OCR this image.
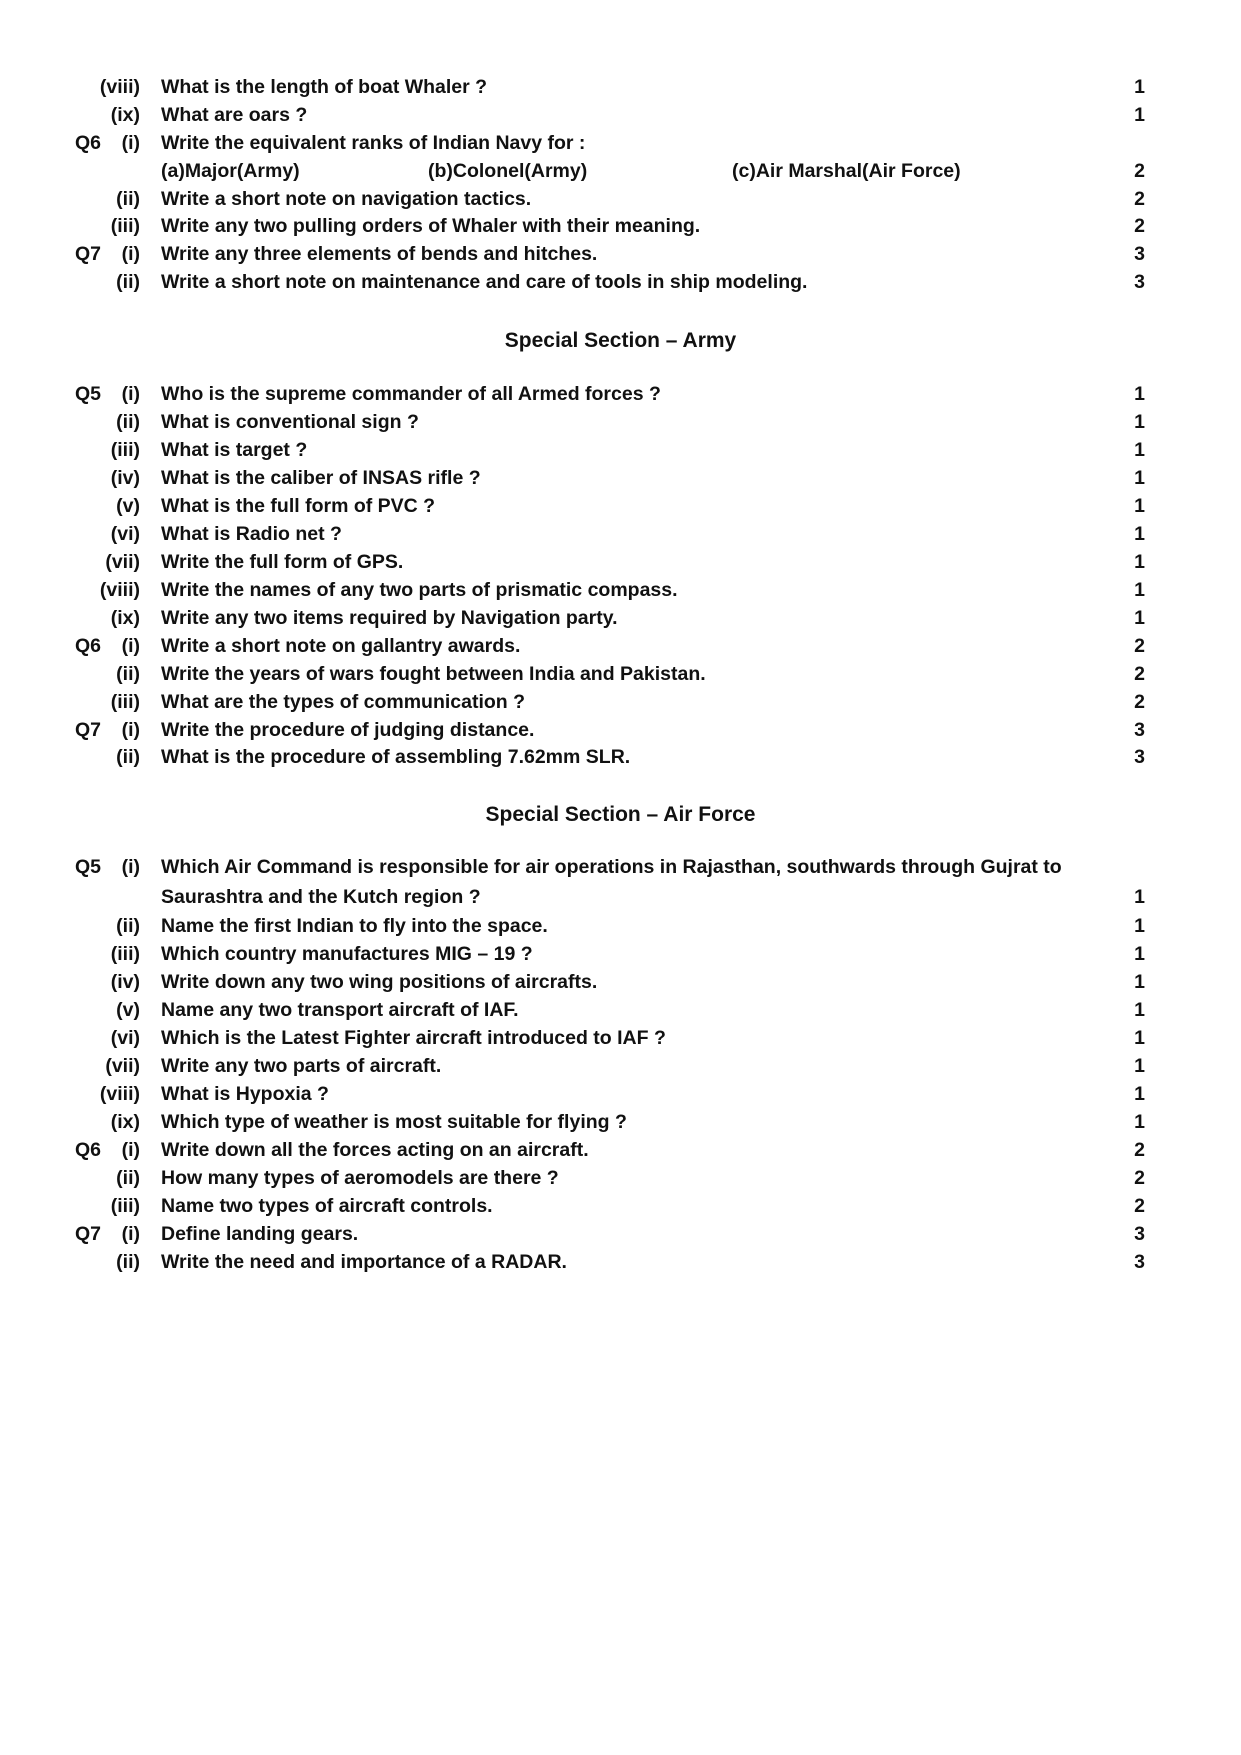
(viii) What is the length of boat Whaler ?	1
(ix) What are oars ?	1
Q6	(i) Write the equivalent ranks of Indian Navy for :
(a)Major(Army)	(b)Colonel(Army)	(c)Air Marshal(Air Force)	2
(ii) Write a short note on navigation tactics.	2
(iii) Write any two pulling orders of Whaler with their meaning.	2
Q7	(i) Write any three elements of bends and hitches.	3
(ii) Write a short note on maintenance and care of tools in ship modeling.	3
Special Section – Army
Q5	(i) Who is the supreme commander of all Armed forces ?	1
(ii) What is conventional sign ?	1
(iii) What is target ?	1
(iv) What is the caliber of INSAS rifle ?	1
(v) What is the full form of PVC ?	1
(vi) What is Radio net ?	1
(vii) Write the full form of GPS.	1
(viii) Write the names of any two parts of prismatic compass.	1
(ix) Write any two items required by Navigation party.	1
Q6	(i) Write a short note on gallantry awards.	2
(ii) Write the years of wars fought between India and Pakistan.	2
(iii) What are the types of communication ?	2
Q7	(i) Write the procedure of judging distance.	3
(ii) What is the procedure of assembling 7.62mm SLR.	3
Special Section – Air Force
Q5	(i) Which Air Command is responsible for air operations in Rajasthan, southwards through Gujrat to
Saurashtra and the Kutch region ?	1
(ii) Name the first Indian to fly into the space.	1
(iii) Which country manufactures MIG – 19 ?	1
(iv) Write down any two wing positions of aircrafts.	1
(v) Name any two transport aircraft of IAF.	1
(vi) Which is the Latest Fighter aircraft introduced to IAF ?	1
(vii) Write any two parts of aircraft.	1
(viii) What is Hypoxia ?	1
(ix) Which type of weather is most suitable for flying ?	1
Q6	(i) Write down all the forces acting on an aircraft.	2
(ii) How many types of aeromodels are there ?	2
(iii) Name two types of aircraft controls.	2
Q7	(i) Define landing gears.	3
(ii) Write the need and importance of a RADAR.	3
